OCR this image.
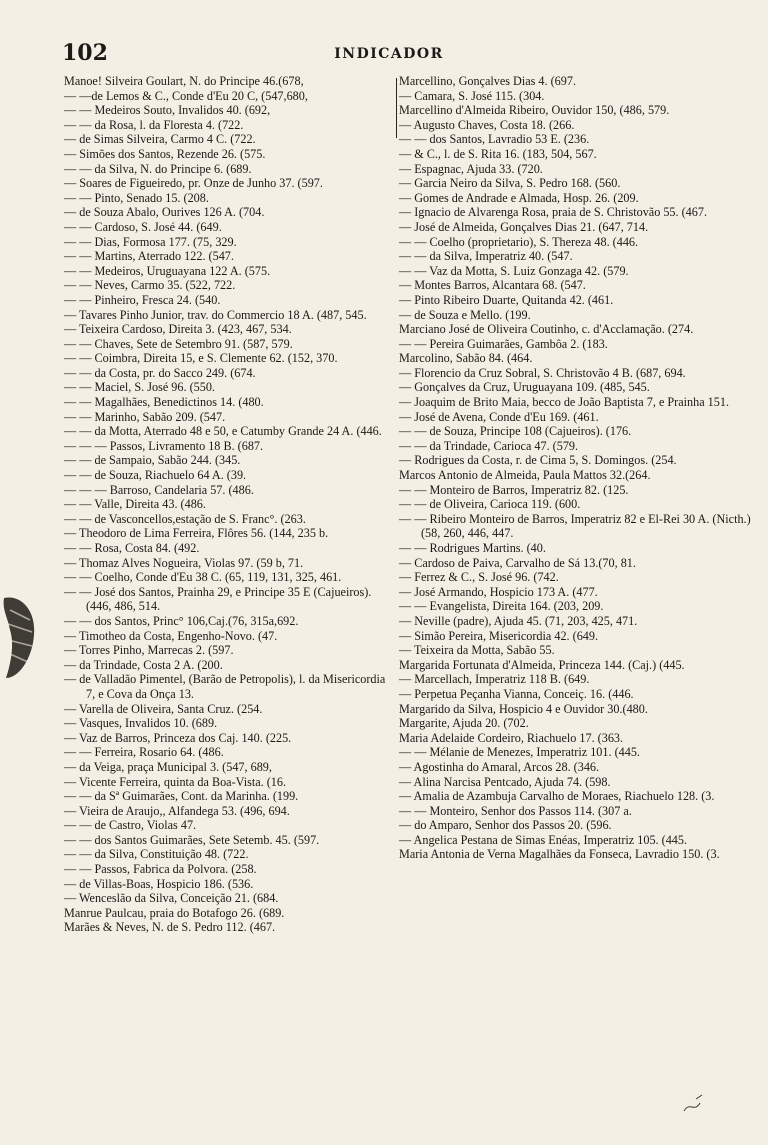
102	INDICADOR
Manoe! Silveira Goulart, N. do Principe 46.(678,
— —de Lemos & C., Conde d'Eu 20 C, (547,680,
— — Medeiros Souto, Invalidos 40. (692,
— — da Rosa, l. da Floresta 4. (722.
— de Simas Silveira, Carmo 4 C. (722.
— Simões dos Santos, Rezende 26. (575.
— — da Silva, N. do Principe 6. (689.
— Soares de Figueiredo, pr. Onze de Junho 37. (597.
— — Pinto, Senado 15. (208.
— de Souza Abalo, Ourives 126 A. (704.
— — Cardoso, S. José 44. (649.
— — Dias, Formosa 177. (75, 329.
— — Martins, Aterrado 122. (547.
— — Medeiros, Uruguayana 122 A. (575.
— — Neves, Carmo 35. (522, 722.
— — Pinheiro, Fresca 24. (540.
— Tavares Pinho Junior, trav. do Commercio 18 A. (487, 545.
— Teixeira Cardoso, Direita 3. (423, 467, 534.
— — Chaves, Sete de Setembro 91. (587, 579.
— — Coimbra, Direita 15, e S. Clemente 62. (152, 370.
— — da Costa, pr. do Sacco 249. (674.
— — Maciel, S. José 96. (550.
— — Magalhães, Benedictinos 14. (480.
— — Marinho, Sabão 209. (547.
— — da Motta, Aterrado 48 e 50, e Catumby Grande 24 A. (446.
— — — Passos, Livramento 18 B. (687.
— — de Sampaio, Sabão 244. (345.
— — de Souza, Riachuelo 64 A. (39.
— — — Barroso, Candelaria 57. (486.
— — Valle, Direita 43. (486.
— — de Vasconcellos,estação de S. Franc°. (263.
— Theodoro de Lima Ferreira, Flôres 56. (144, 235 b.
— — Rosa, Costa 84. (492.
— Thomaz Alves Nogueira, Violas 97. (59 b, 71.
— — Coelho, Conde d'Eu 38 C. (65, 119, 131, 325, 461.
— — José dos Santos, Prainha 29, e Principe 35 E (Cajueiros). (446, 486, 514.
— — dos Santos, Princ° 106,Caj.(76, 315a,692.
— Timotheo da Costa, Engenho-Novo. (47.
— Torres Pinho, Marrecas 2. (597.
— da Trindade, Costa 2 A. (200.
— de Valladão Pimentel, (Barão de Petropolis), l. da Misericordia 7, e Cova da Onça 13.
— Varella de Oliveira, Santa Cruz. (254.
— Vasques, Invalidos 10. (689.
— Vaz de Barros, Princeza dos Caj. 140. (225.
— — Ferreira, Rosario 64. (486.
— da Veiga, praça Municipal 3. (547, 689,
— Vicente Ferreira, quinta da Boa-Vista. (16.
— — da Sª Guimarães, Cont. da Marinha. (199.
— Vieira de Araujo,, Alfandega 53. (496, 694.
— — de Castro, Violas 47.
— — dos Santos Guimarães, Sete Setemb. 45. (597.
— — da Silva, Constituição 48. (722.
— — Passos, Fabrica da Polvora. (258.
— de Villas-Boas, Hospicio 186. (536.
— Wenceslão da Silva, Conceição 21. (684.
Manrue Paulcau, praia do Botafogo 26. (689.
Marães & Neves, N. de S. Pedro 112. (467.
Marcellino, Gonçalves Dias 4. (697.
— Camara, S. José 115. (304.
Marcellino d'Almeida Ribeiro, Ouvidor 150, (486, 579.
— Augusto Chaves, Costa 18. (266.
— — dos Santos, Lavradio 53 E. (236.
— & C., l. de S. Rita 16. (183, 504, 567.
— Espagnac, Ajuda 33. (720.
— Garcia Neiro da Silva, S. Pedro 168. (560.
— Gomes de Andrade e Almada, Hosp. 26. (209.
— Ignacio de Alvarenga Rosa, praia de S. Christovão 55. (467.
— José de Almeida, Gonçalves Dias 21. (647, 714.
— — Coelho (proprietario), S. Thereza 48. (446.
— — da Silva, Imperatriz 40. (547.
— — Vaz da Motta, S. Luiz Gonzaga 42. (579.
— Montes Barros, Alcantara 68. (547.
— Pinto Ribeiro Duarte, Quitanda 42. (461.
— de Souza e Mello. (199.
Marciano José de Oliveira Coutinho, c. d'Acclamação. (274.
— — Pereira Guimarães, Gambôa 2. (183.
Marcolino, Sabão 84. (464.
— Florencio da Cruz Sobral, S. Christovão 4 B. (687, 694.
— Gonçalves da Cruz, Uruguayana 109. (485, 545.
— Joaquim de Brito Maia, becco de João Baptista 7, e Prainha 151.
— José de Avena, Conde d'Eu 169. (461.
— — de Souza, Principe 108 (Cajueiros). (176.
— — da Trindade, Carioca 47. (579.
— Rodrigues da Costa, r. de Cima 5, S. Domingos. (254.
Marcos Antonio de Almeida, Paula Mattos 32.(264.
— — Monteiro de Barros, Imperatriz 82. (125.
— — de Oliveira, Carioca 119. (600.
— — Ribeiro Monteiro de Barros, Imperatriz 82 e El-Rei 30 A. (Nicth.) (58, 260, 446, 447.
— — Rodrigues Martins. (40.
— Cardoso de Paiva, Carvalho de Sá 13.(70, 81.
— Ferrez & C., S. José 96. (742.
— José Armando, Hospicio 173 A. (477.
— — Evangelista, Direita 164. (203, 209.
— Neville (padre), Ajuda 45. (71, 203, 425, 471.
— Simão Pereira, Misericordia 42. (649.
— Teixeira da Motta, Sabão 55.
Margarida Fortunata d'Almeida, Princeza 144. (Caj.) (445.
— Marcellach, Imperatriz 118 B. (649.
— Perpetua Peçanha Vianna, Conceiç. 16. (446.
Margarido da Silva, Hospicio 4 e Ouvidor 30.(480.
Margarite, Ajuda 20. (702.
Maria Adelaide Cordeiro, Riachuelo 17. (363.
— — Mélanie de Menezes, Imperatriz 101. (445.
— Agostinha do Amaral, Arcos 28. (346.
— Alina Narcisa Pentcado, Ajuda 74. (598.
— Amalia de Azambuja Carvalho de Moraes, Riachuelo 128. (3.
— — Monteiro, Senhor dos Passos 114. (307 a.
— do Amparo, Senhor dos Passos 20. (596.
— Angelica Pestana de Simas Enéas, Imperatriz 105. (445.
Maria Antonia de Verna Magalhães da Fonseca, Lavradio 150. (3.
